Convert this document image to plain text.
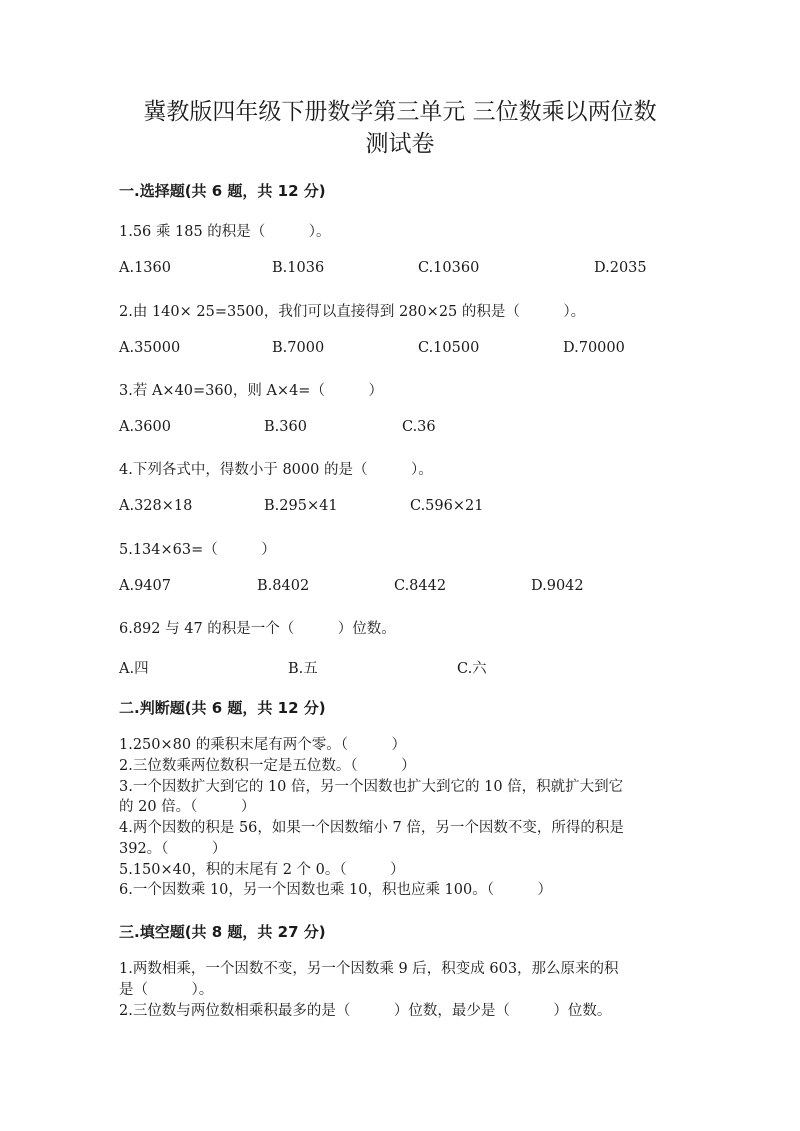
冀教版四年级下册数学第三单元 三位数乘以两位数
测试卷
一.选择题(共 6 题，共 12 分)
1.56 乘 185 的积是（　　　）。
A.1360	B.1036	C.10360	D.2035
2.由 140× 25=3500，我们可以直接得到 280×25 的积是（　　　）。
A.35000	B.7000	C.10500	D.70000
3.若 A×40=360，则 A×4=（　　　）
A.3600	B.360	C.36
4.下列各式中，得数小于 8000 的是（　　　）。
A.328×18	B.295×41	C.596×21
5.134×63=（　　　）
A.9407	B.8402	C.8442	D.9042
6.892 与 47 的积是一个（　　　）位数。
A.四	B.五	C.六
二.判断题(共 6 题，共 12 分)
1.250×80 的乘积末尾有两个零。（　　　）
2.三位数乘两位数积一定是五位数。（　　　）
3.一个因数扩大到它的 10 倍，另一个因数也扩大到它的 10 倍，积就扩大到它
的 20 倍。（　　　）
4.两个因数的积是 56，如果一个因数缩小 7 倍，另一个因数不变，所得的积是
392。（　　　）
5.150×40，积的末尾有 2 个 0。（　　　）
6.一个因数乘 10，另一个因数也乘 10，积也应乘 100。（　　　）
三.填空题(共 8 题，共 27 分)
1.两数相乘，一个因数不变，另一个因数乘 9 后，积变成 603，那么原来的积
是（　　　）。
2.三位数与两位数相乘积最多的是（　　　）位数，最少是（　　　）位数。
